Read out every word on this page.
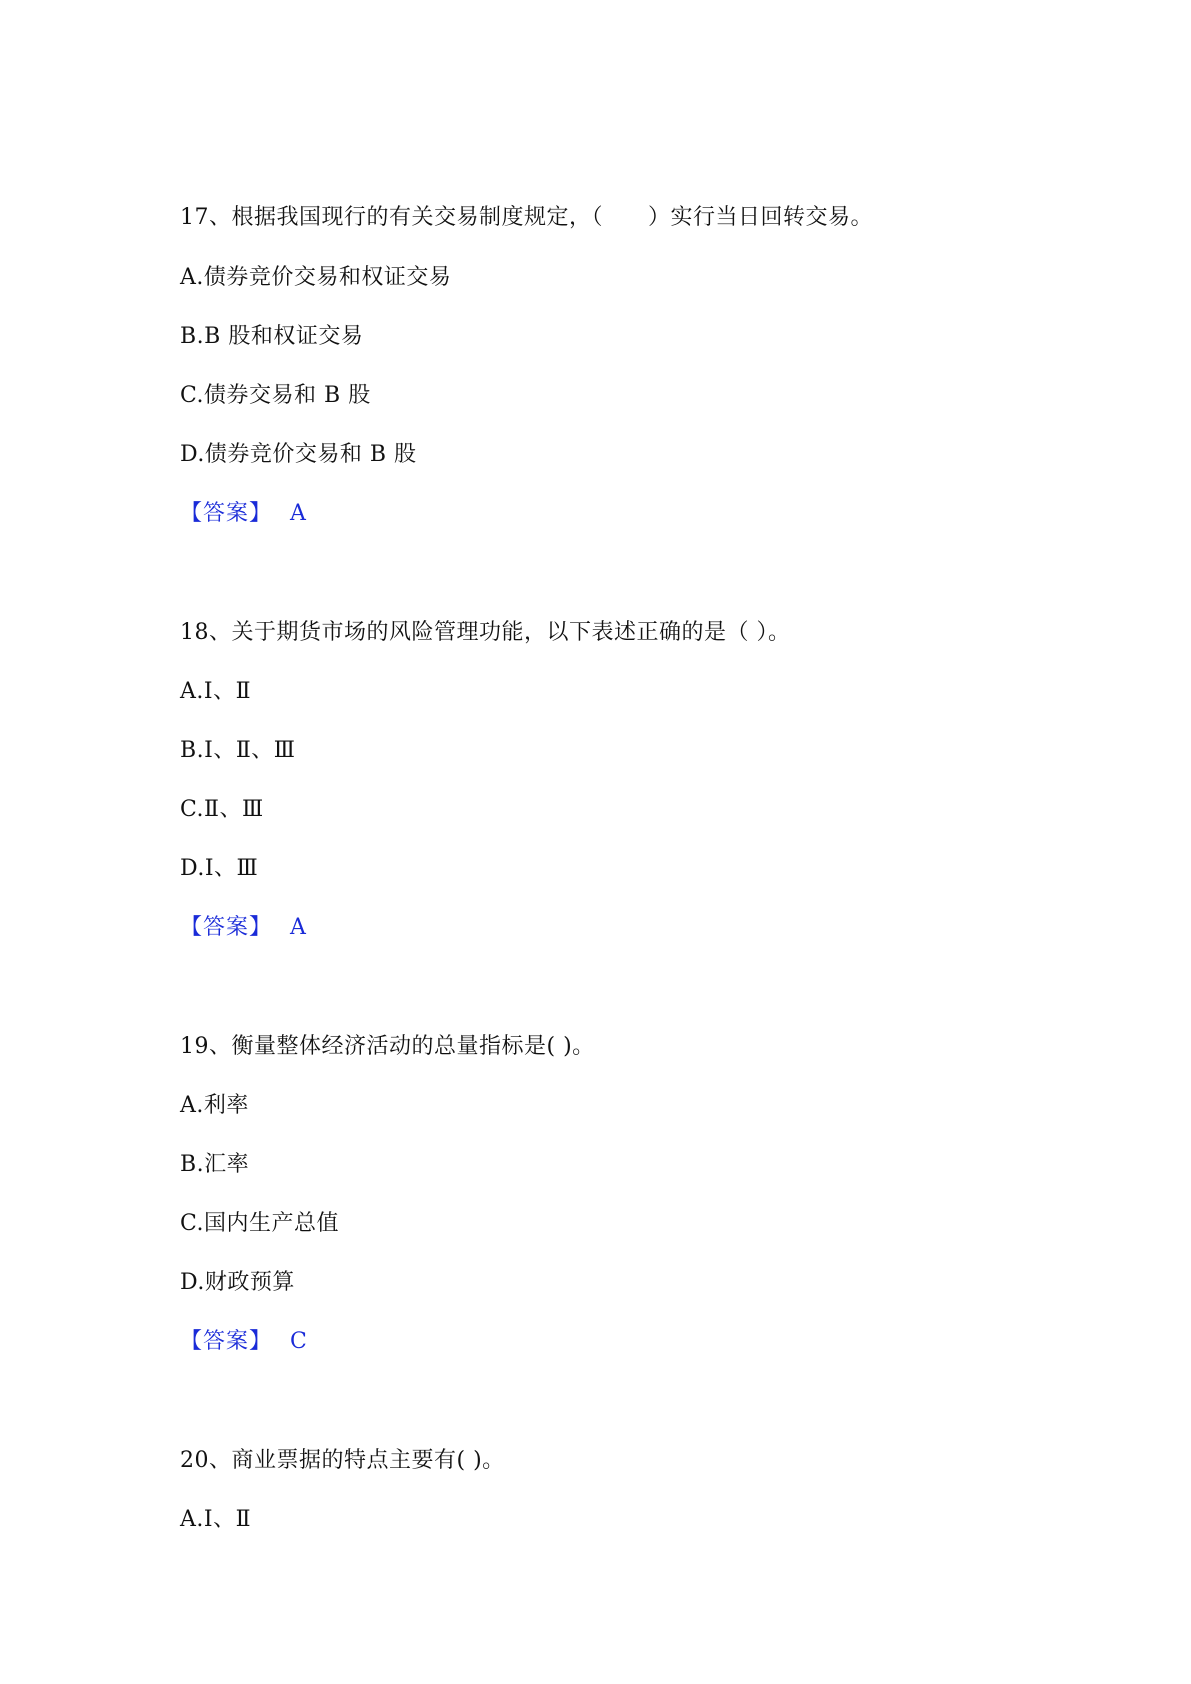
17、根据我国现行的有关交易制度规定，（　　）实行当日回转交易。
A.债券竞价交易和权证交易
B.B 股和权证交易
C.债券交易和 B 股
D.债券竞价交易和 B 股
【答案】 A
18、关于期货市场的风险管理功能，以下表述正确的是（ ）。
A.Ⅰ、Ⅱ
B.Ⅰ、Ⅱ、Ⅲ
C.Ⅱ、Ⅲ
D.Ⅰ、Ⅲ
【答案】 A
19、衡量整体经济活动的总量指标是( )。
A.利率
B.汇率
C.国内生产总值
D.财政预算
【答案】 C
20、商业票据的特点主要有( )。
A.Ⅰ、Ⅱ
